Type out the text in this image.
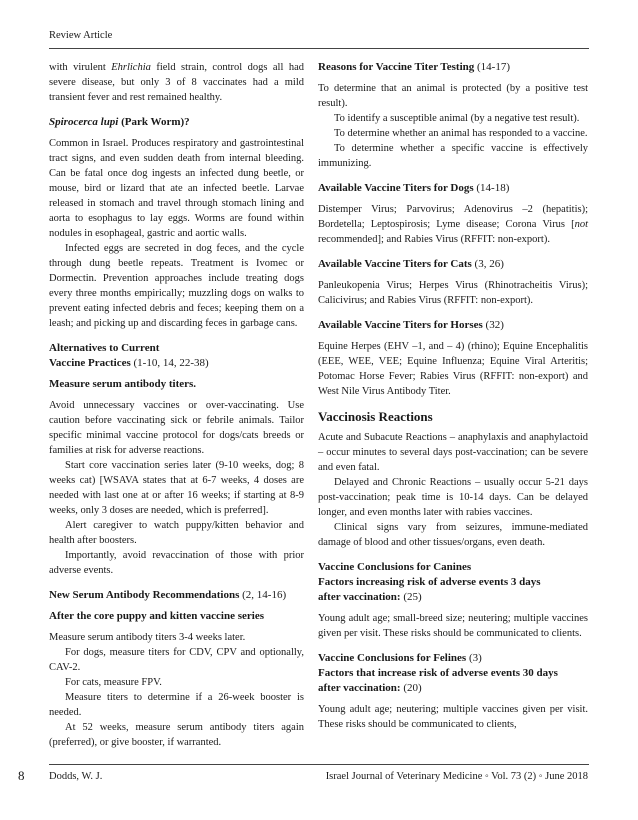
Review Article

with virulent Ehrlichia field strain, control dogs all had severe disease, but only 3 of 8 vaccinates had a mild transient fever and rest remained healthy.

Spirocerca lupi (Park Worm)?

Common in Israel. Produces respiratory and gastrointestinal tract signs, and even sudden death from internal bleeding. Can be fatal once dog ingests an infected dung beetle, or mouse, bird or lizard that ate an infected beetle. Larvae released in stomach and travel through stomach lining and aorta to esophagus to lay eggs. Worms are found within nodules in esophageal, gastric and aortic walls.

Infected eggs are secreted in dog feces, and the cycle through dung beetle repeats. Treatment is Ivomec or Dormectin. Prevention approaches include treating dogs every three months empirically; muzzling dogs on walks to prevent eating infected debris and feces; keeping them on a leash; and picking up and discarding feces in garbage cans.

Alternatives to Current
Vaccine Practices (1-10, 14, 22-38)

Measure serum antibody titers.

Avoid unnecessary vaccines or over-vaccinating. Use caution before vaccinating sick or febrile animals. Tailor specific minimal vaccine protocol for dogs/cats breeds or families at risk for adverse reactions.

Start core vaccination series later (9-10 weeks, dog; 8 weeks cat) [WSAVA states that at 6-7 weeks, 4 doses are needed with last one at or after 16 weeks; if starting at 8-9 weeks, only 3 doses are needed, which is preferred].

Alert caregiver to watch puppy/kitten behavior and health after boosters.

Importantly, avoid revaccination of those with prior adverse events.

New Serum Antibody Recommendations (2, 14-16)

After the core puppy and kitten vaccine series

Measure serum antibody titers 3-4 weeks later.

For dogs, measure titers for CDV, CPV and optionally, CAV-2.

For cats, measure FPV.

Measure titers to determine if a 26-week booster is needed.

At 52 weeks, measure serum antibody titers again (preferred), or give booster, if warranted.

Reasons for Vaccine Titer Testing (14-17)

To determine that an animal is protected (by a positive test result).

To identify a susceptible animal (by a negative test result).

To determine whether an animal has responded to a vaccine.

To determine whether a specific vaccine is effectively immunizing.

Available Vaccine Titers for Dogs (14-18)

Distemper Virus; Parvovirus; Adenovirus –2 (hepatitis); Bordetella; Leptospirosis; Lyme disease; Corona Virus [not recommended]; and Rabies Virus (RFFIT: non-export).

Available Vaccine Titers for Cats (3, 26)

Panleukopenia Virus; Herpes Virus (Rhinotracheitis Virus); Calicivirus; and Rabies Virus (RFFIT: non-export).

Available Vaccine Titers for Horses (32)

Equine Herpes (EHV –1, and – 4) (rhino); Equine Encephalitis (EEE, WEE, VEE; Equine Influenza; Equine Viral Arteritis; Potomac Horse Fever; Rabies Virus (RFFIT: non-export) and West Nile Virus Antibody Titer.

Vaccinosis Reactions

Acute and Subacute Reactions – anaphylaxis and anaphylactoid – occur minutes to several days post-vaccination; can be severe and even fatal.

Delayed and Chronic Reactions – usually occur 5-21 days post-vaccination; peak time is 10-14 days. Can be delayed longer, and even months later with rabies vaccines.

Clinical signs vary from seizures, immune-mediated damage of blood and other tissues/organs, even death.

Vaccine Conclusions for Canines

Factors increasing risk of adverse events 3 days
after vaccination: (25)

Young adult age; small-breed size; neutering; multiple vaccines given per visit. These risks should be communicated to clients.

Vaccine Conclusions for Felines (3)

Factors that increase risk of adverse events 30 days
after vaccination: (20)

Young adult age; neutering; multiple vaccines given per visit. These risks should be communicated to clients,

8 Dodds, W. J.	Israel Journal of Veterinary Medicine ◦ Vol. 73 (2) ◦ June 2018
